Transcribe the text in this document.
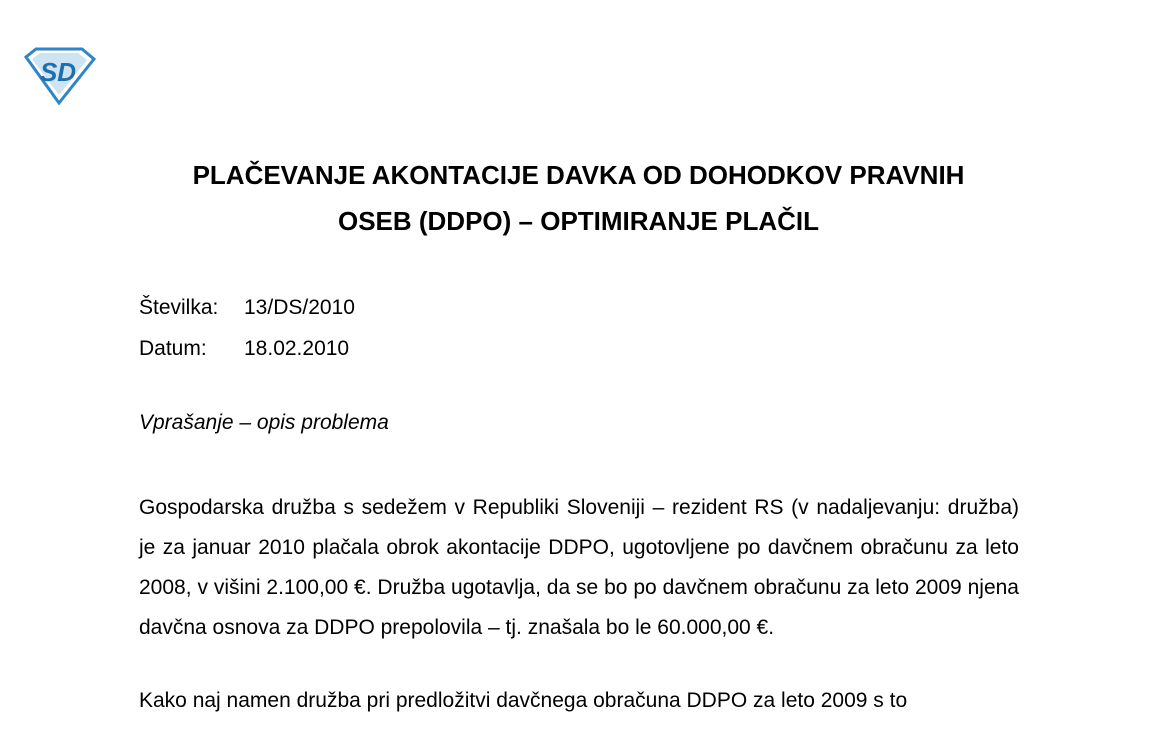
SD
PLAČEVANJE AKONTACIJE DAVKA OD DOHODKOV PRAVNIH
OSEB (DDPO) – OPTIMIRANJE PLAČIL
Številka:	13/DS/2010
Datum:	18.02.2010
Vprašanje – opis problema

Gospodarska družba s sedežem v Republiki Sloveniji – rezident RS (v nadaljevanju: družba) je za januar 2010 plačala obrok akontacije DDPO, ugotovljene po davčnem obračunu za leto 2008, v višini 2.100,00 €. Družba ugotavlja, da se bo po davčnem obračunu za leto 2009 njena davčna osnova za DDPO prepolovila – tj. znašala bo le 60.000,00 €.

Kako naj namen družba pri predložitvi davčnega obračuna DDPO za leto 2009 s to
